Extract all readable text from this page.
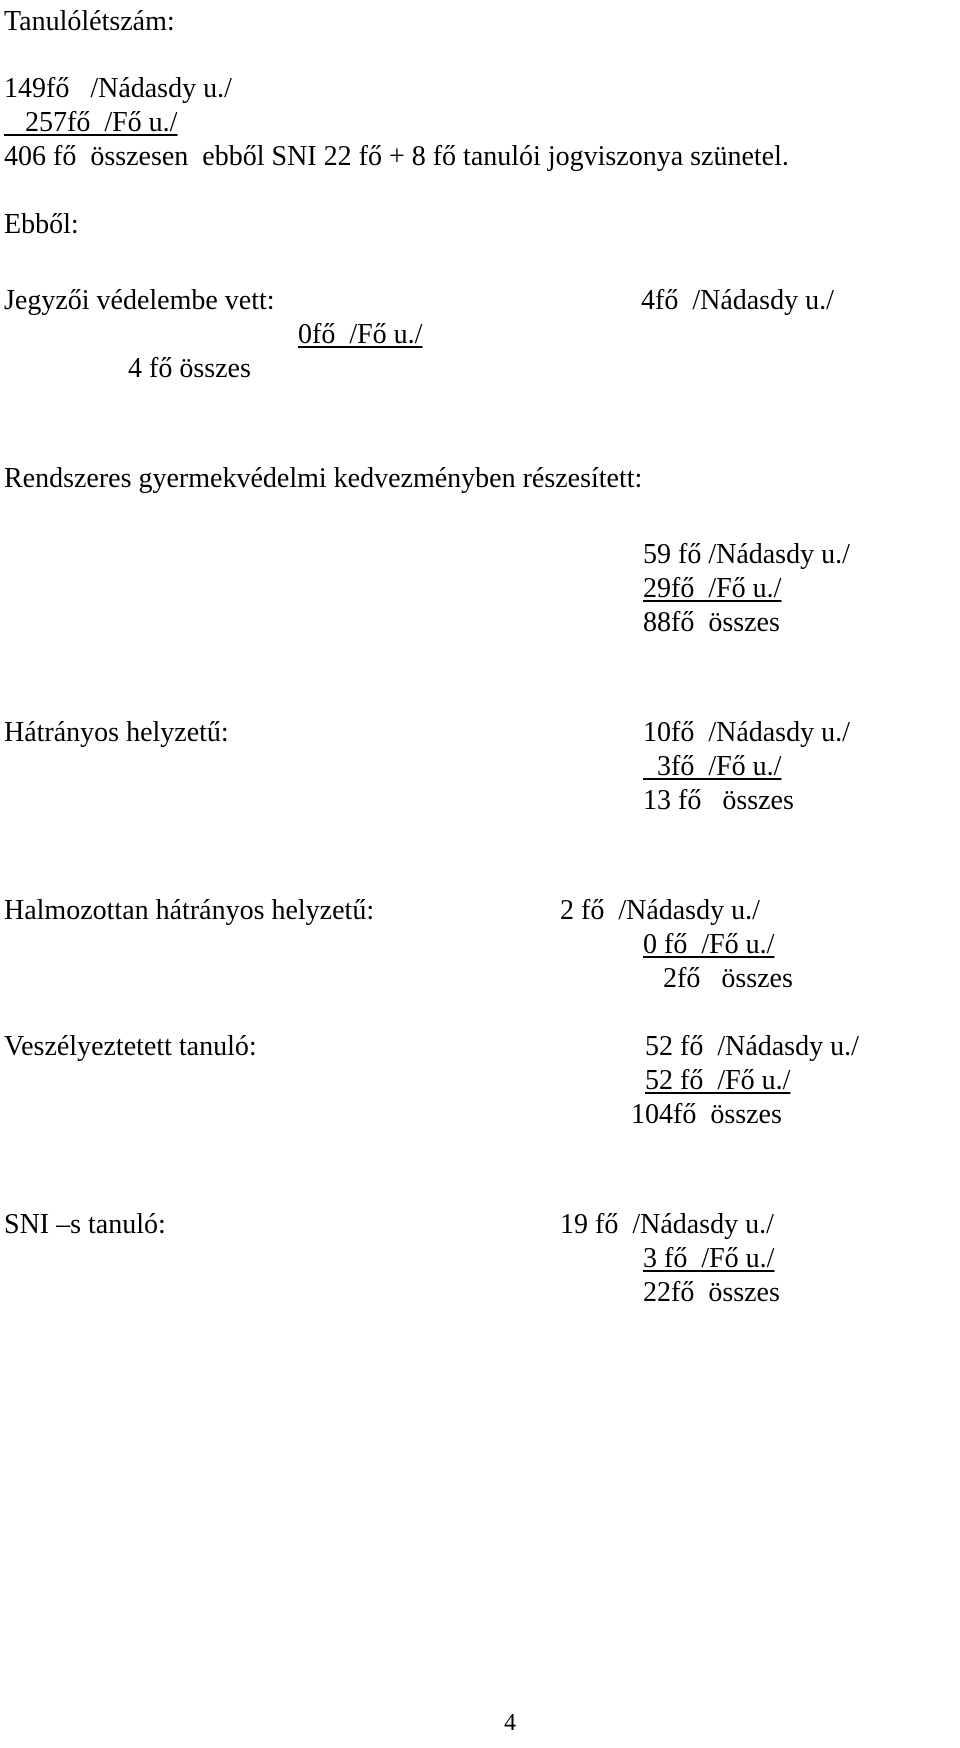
Tanulólétszám:

149fő   /Nádasdy u./

257fő  /Fő u./

406 fő  összesen  ebből SNI 22 fő + 8 fő tanulói jogviszonya szünetel.

Ebből:

Jegyzői védelembe vett:	4fő  /Nádasdy u./

0fő  /Fő u./

4 fő összes

Rendszeres gyermekvédelmi kedvezményben részesített:

59 fő /Nádasdy u./

29fő  /Fő u./

88fő  összes

Hátrányos helyzetű:	10fő  /Nádasdy u./

3fő  /Fő u./

13 fő   összes

Halmozottan hátrányos helyzetű:	2 fő  /Nádasdy u./

0 fő  /Fő u./

2fő   összes

Veszélyeztetett tanuló:	52 fő  /Nádasdy u./

52 fő  /Fő u./

104fő  összes

SNI –s tanuló:	19 fő  /Nádasdy u./

3 fő  /Fő u./

22fő  összes

4
